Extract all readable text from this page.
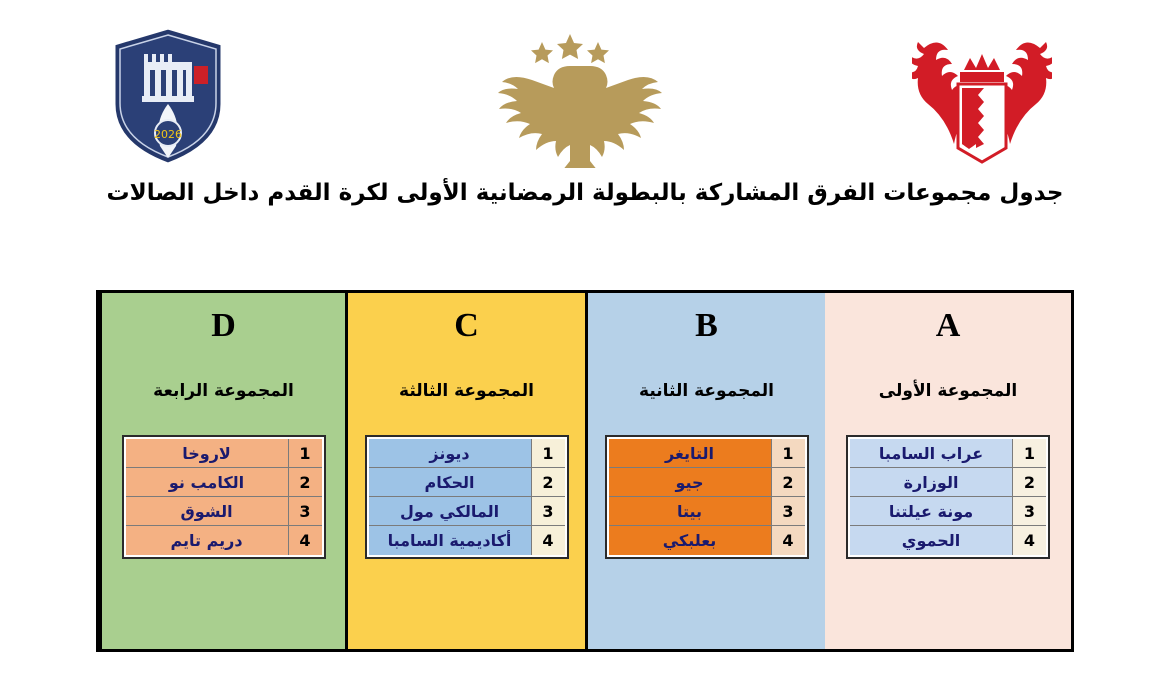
2026
جدول مجموعات الفرق المشاركة بالبطولة الرمضانية الأولى لكرة القدم داخل الصالات
D
المجموعة الرابعة
لاروخا	1
الكامب نو	2
الشوق	3
دريم تايم	4
C
المجموعة الثالثة
ديونز	1
الحكام	2
المالكي مول	3
أكاديمية السامبا	4
B
المجموعة الثانية
التايغر	1
جيو	2
بيتا	3
بعلبكي	4
A
المجموعة الأولى
عراب السامبا	1
الوزارة	2
مونة عيلتنا	3
الحموي	4
